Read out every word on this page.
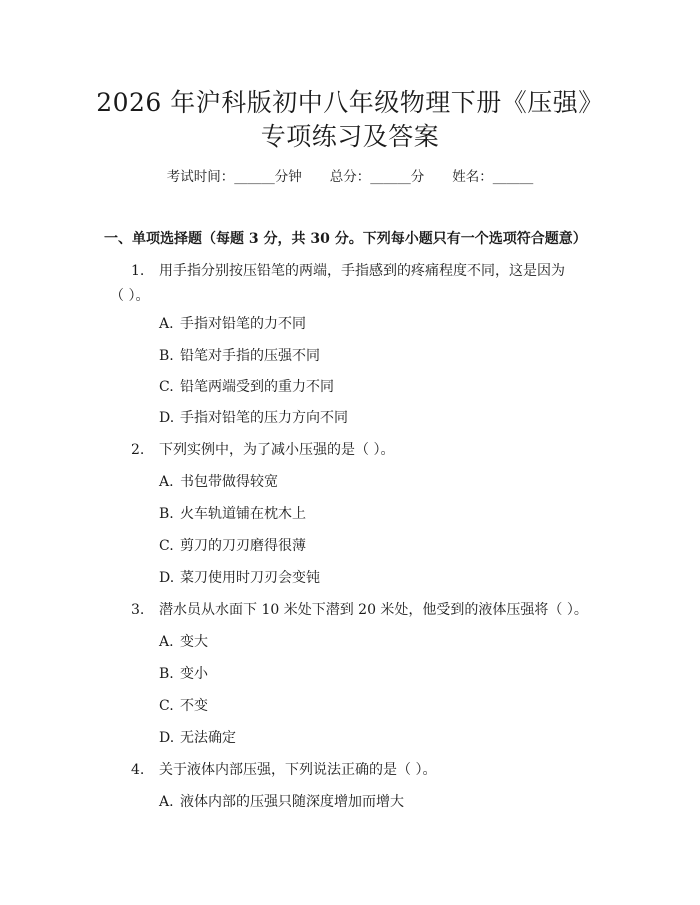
2026 年沪科版初中八年级物理下册《压强》
专项练习及答案
考试时间：______分钟 总分：______分 姓名：______
一、单项选择题（每题 3 分，共 30 分。下列每小题只有一个选项符合题意）
1. 用手指分别按压铅笔的两端，手指感到的疼痛程度不同，这是因为
（ ）。
A. 手指对铅笔的力不同
B. 铅笔对手指的压强不同
C. 铅笔两端受到的重力不同
D. 手指对铅笔的压力方向不同
2. 下列实例中，为了减小压强的是（ ）。
A. 书包带做得较宽
B. 火车轨道铺在枕木上
C. 剪刀的刀刃磨得很薄
D. 菜刀使用时刀刃会变钝
3. 潜水员从水面下 10 米处下潜到 20 米处，他受到的液体压强将（ ）。
A. 变大
B. 变小
C. 不变
D. 无法确定
4. 关于液体内部压强，下列说法正确的是（ ）。
A. 液体内部的压强只随深度增加而增大
